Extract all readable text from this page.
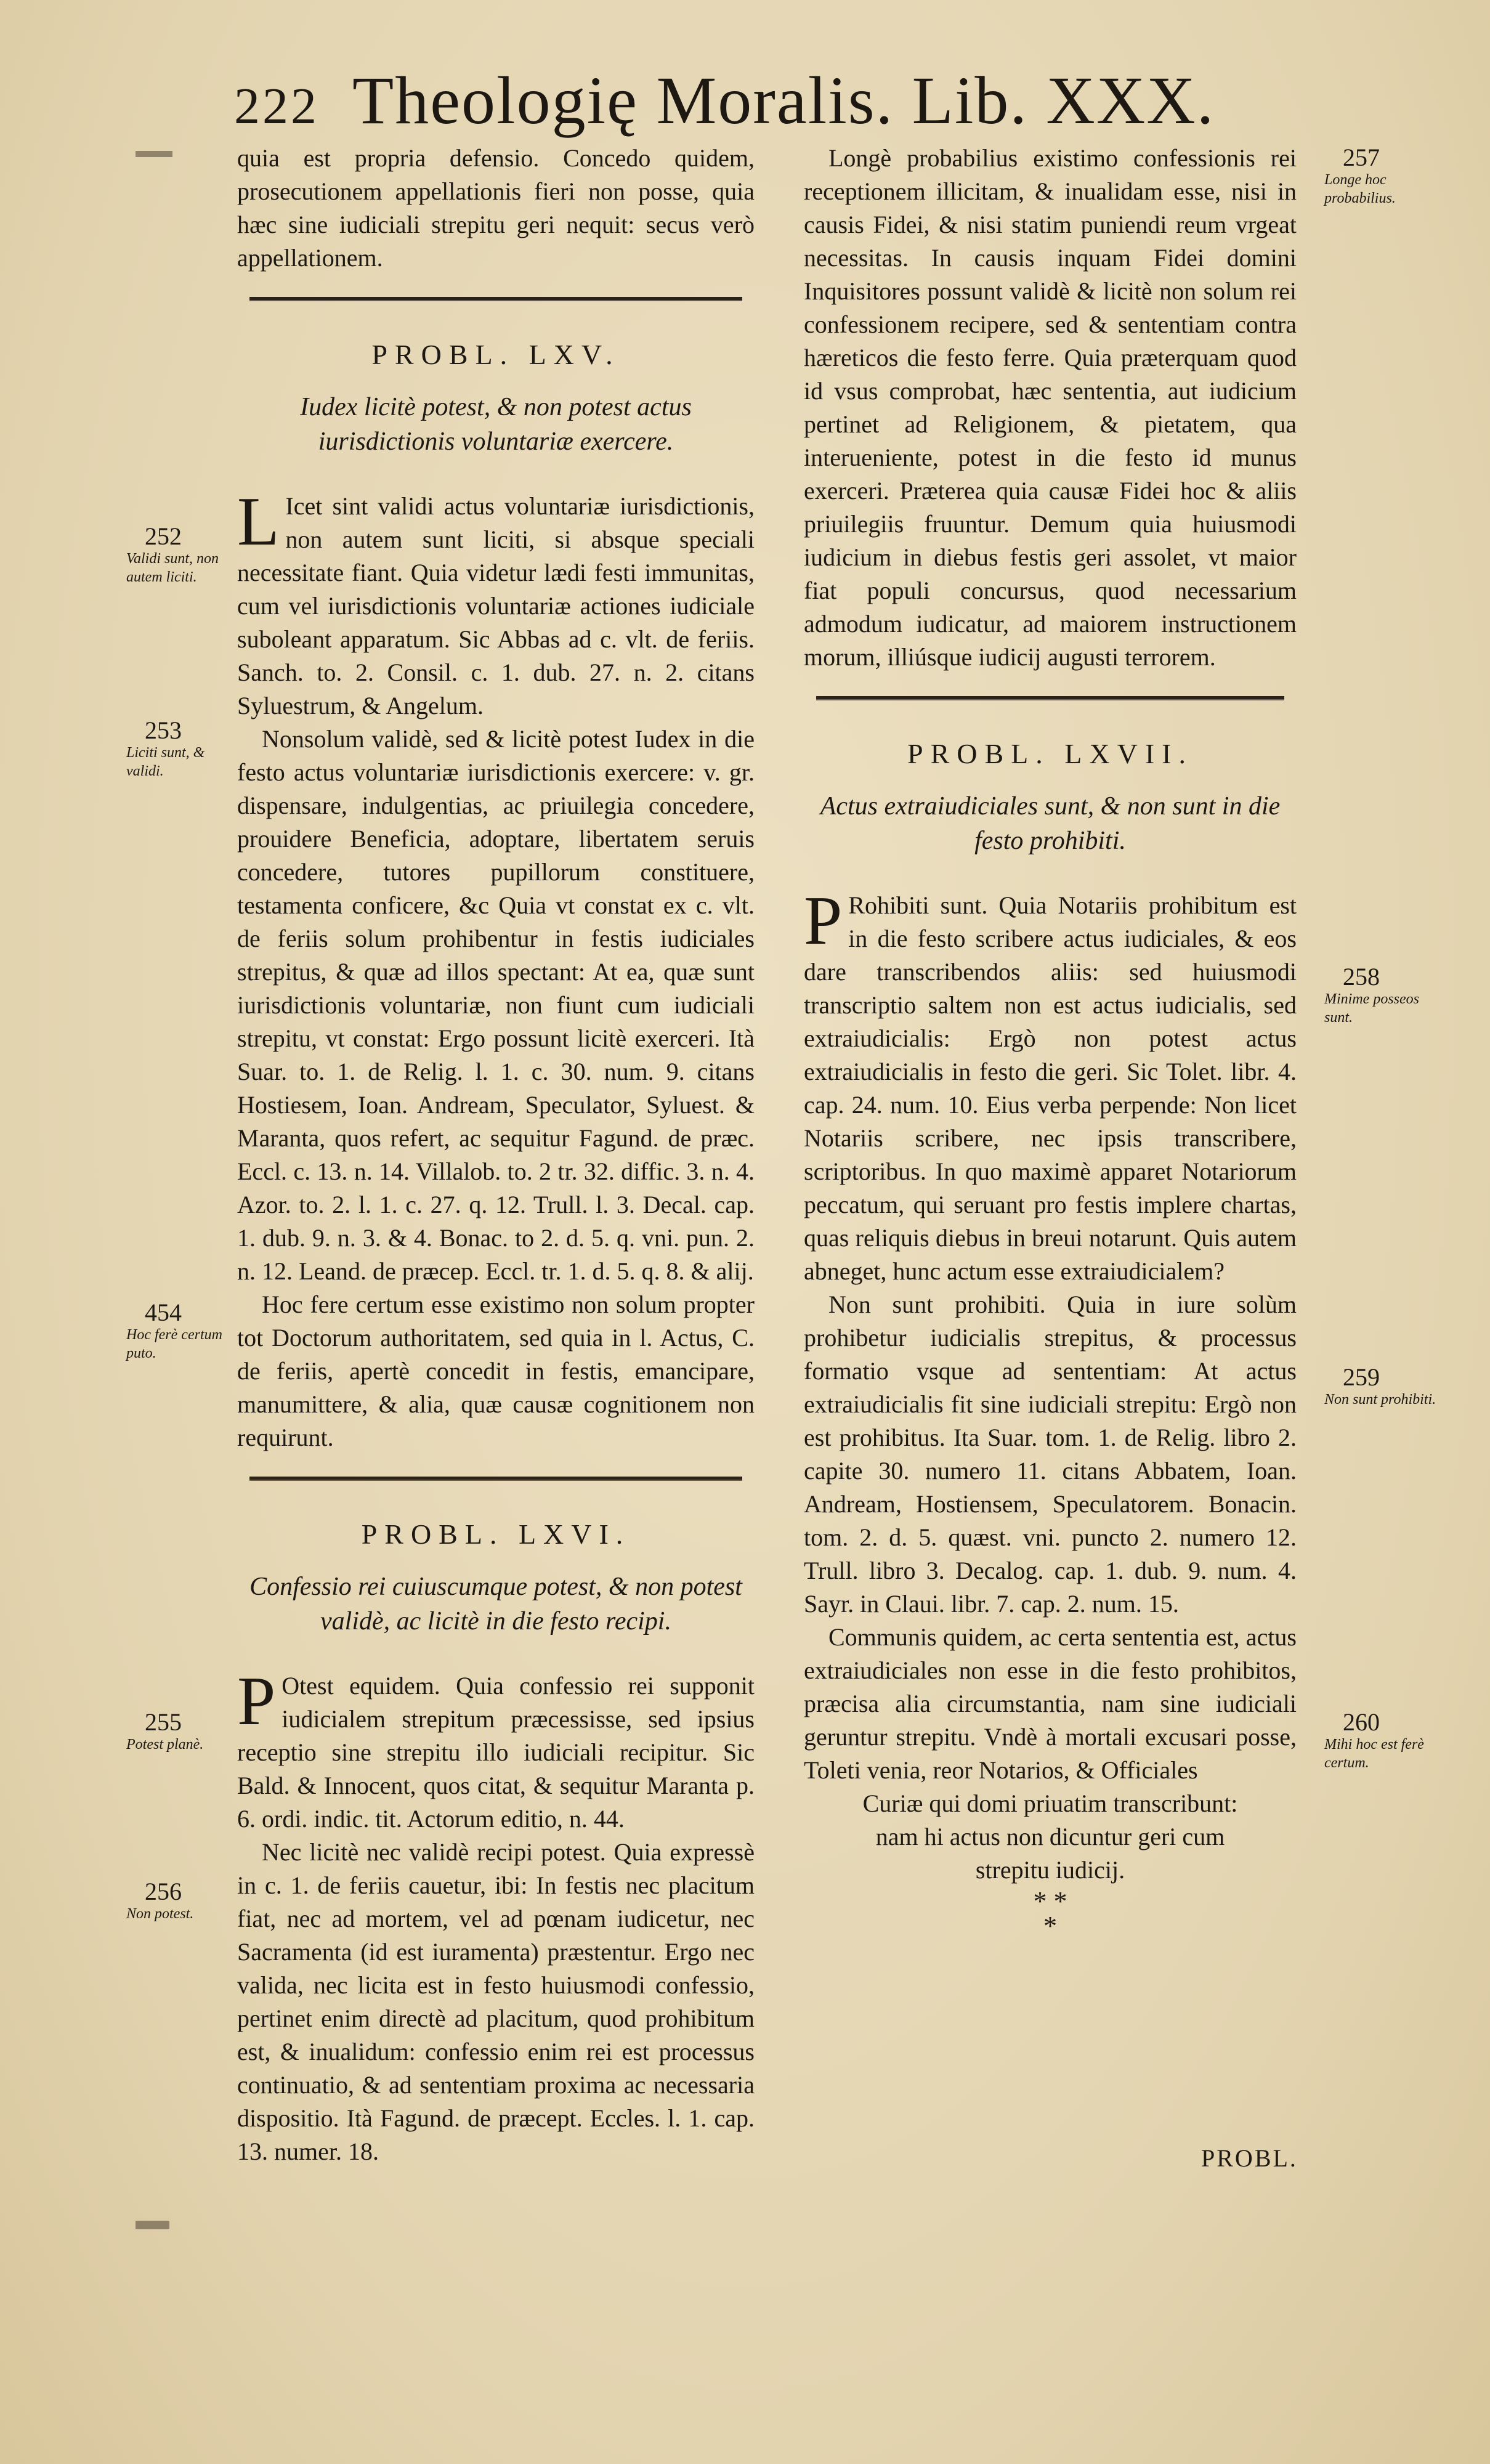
222 Theologię Moralis. Lib. XXX.

quia est propria defensio. Concedo quidem, prosecutionem appellationis fieri non posse, quia hæc sine iudiciali strepitu geri nequit: secus verò appellationem.

PROBL. LXV.
Iudex licitè potest, & non potest actus iurisdictionis voluntariæ exercere.

L Icet sint validi actus voluntariæ iurisdictionis, non autem sunt liciti, si absque speciali necessitate fiant. Quia videtur lædi festi immunitas, cum vel iurisdictionis voluntariæ actiones iudiciale suboleant apparatum. Sic Abbas ad c. vlt. de feriis. Sanch. to. 2. Consil. c. 1. dub. 27. n. 2. citans Syluestrum, & Angelum.

Nonsolum validè, sed & licitè potest Iudex in die festo actus voluntariæ iurisdictionis exercere: v. gr. dispensare, indulgentias, ac priuilegia concedere, prouidere Beneficia, adoptare, libertatem seruis concedere, tutores pupillorum constituere, testamenta conficere, &c Quia vt constat ex c. vlt. de feriis solum prohibentur in festis iudiciales strepitus, & quæ ad illos spectant: At ea, quæ sunt iurisdictionis voluntariæ, non fiunt cum iudiciali strepitu, vt constat: Ergo possunt licitè exerceri. Ità Suar. to. 1. de Relig. l. 1. c. 30. num. 9. citans Hostiesem, Ioan. Andream, Speculator, Syluest. & Maranta, quos refert, ac sequitur Fagund. de præc. Eccl. c. 13. n. 14. Villalob. to. 2 tr. 32. diffic. 3. n. 4. Azor. to. 2. l. 1. c. 27. q. 12. Trull. l. 3. Decal. cap. 1. dub. 9. n. 3. & 4. Bonac. to 2. d. 5. q. vni. pun. 2. n. 12. Leand. de præcep. Eccl. tr. 1. d. 5. q. 8. & alij.

Hoc fere certum esse existimo non solum propter tot Doctorum authoritatem, sed quia in l. Actus, C. de feriis, apertè concedit in festis, emancipare, manumittere, & alia, quæ causæ cognitionem non requirunt.

PROBL. LXVI.
Confessio rei cuiuscumque potest, & non potest validè, ac licitè in die festo recipi.

P Otest equidem. Quia confessio rei supponit iudicialem strepitum præcessisse, sed ipsius receptio sine strepitu illo iudiciali recipitur. Sic Bald. & Innocent, quos citat, & sequitur Maranta p. 6. ordi. indic. tit. Actorum editio, n. 44.

Nec licitè nec validè recipi potest. Quia expressè in c. 1. de feriis cauetur, ibi: In festis nec placitum fiat, nec ad mortem, vel ad pœnam iudicetur, nec Sacramenta (id est iuramenta) præstentur. Ergo nec valida, nec licita est in festo huiusmodi confessio, pertinet enim directè ad placitum, quod prohibitum est, & inualidum: confessio enim rei est processus continuatio, & ad sententiam proxima ac necessaria dispositio. Ità Fagund. de præcept. Eccles. l. 1. cap. 13. numer. 18.

Longè probabilius existimo confessionis rei receptionem illicitam, & inualidam esse, nisi in causis Fidei, & nisi statim puniendi reum vrgeat necessitas. In causis inquam Fidei domini Inquisitores possunt validè & licitè non solum rei confessionem recipere, sed & sententiam contra hæreticos die festo ferre. Quia præterquam quod id vsus comprobat, hæc sententia, aut iudicium pertinet ad Religionem, & pietatem, qua interueniente, potest in die festo id munus exerceri. Præterea quia causæ Fidei hoc & aliis priuilegiis fruuntur. Demum quia huiusmodi iudicium in diebus festis geri assolet, vt maior fiat populi concursus, quod necessarium admodum iudicatur, ad maiorem instructionem morum, illiúsque iudicij augusti terrorem.

PROBL. LXVII.
Actus extraiudiciales sunt, & non sunt in die festo prohibiti.

P Rohibiti sunt. Quia Notariis prohibitum est in die festo scribere actus iudiciales, & eos dare transcribendos aliis: sed huiusmodi transcriptio saltem non est actus iudicialis, sed extraiudicialis: Ergò non potest actus extraiudicialis in festo die geri. Sic Tolet. libr. 4. cap. 24. num. 10. Eius verba perpende: Non licet Notariis scribere, nec ipsis transcribere, scriptoribus. In quo maximè apparet Notariorum peccatum, qui seruant pro festis implere chartas, quas reliquis diebus in breui notarunt. Quis autem abneget, hunc actum esse extraiudicialem?

Non sunt prohibiti. Quia in iure solùm prohibetur iudicialis strepitus, & processus formatio vsque ad sententiam: At actus extraiudicialis fit sine iudiciali strepitu: Ergò non est prohibitus. Ita Suar. tom. 1. de Relig. libro 2. capite 30. numero 11. citans Abbatem, Ioan. Andream, Hostiensem, Speculatorem. Bonacin. tom. 2. d. 5. quæst. vni. puncto 2. numero 12. Trull. libro 3. Decalog. cap. 1. dub. 9. num. 4. Sayr. in Claui. libr. 7. cap. 2. num. 15.

Communis quidem, ac certa sententia est, actus extraiudiciales non esse in die festo prohibitos, præcisa alia circumstantia, nam sine iudiciali geruntur strepitu. Vndè à mortali excusari posse, Toleti venia, reor Notarios, & Officiales

Curiæ qui domi priuatim transcribunt: nam hi actus non dicuntur geri cum strepitu iudicij.

* *
*
252
Validi sunt, non autem liciti.
253
Liciti sunt, & validi.
454
Hoc ferè certum puto.
255
Potest planè.
256
Non potest.
257
Longe hoc probabilius.
258
Minime posseos sunt.
259
Non sunt prohibiti.
260
Mihi hoc est ferè certum.
PROBL.
